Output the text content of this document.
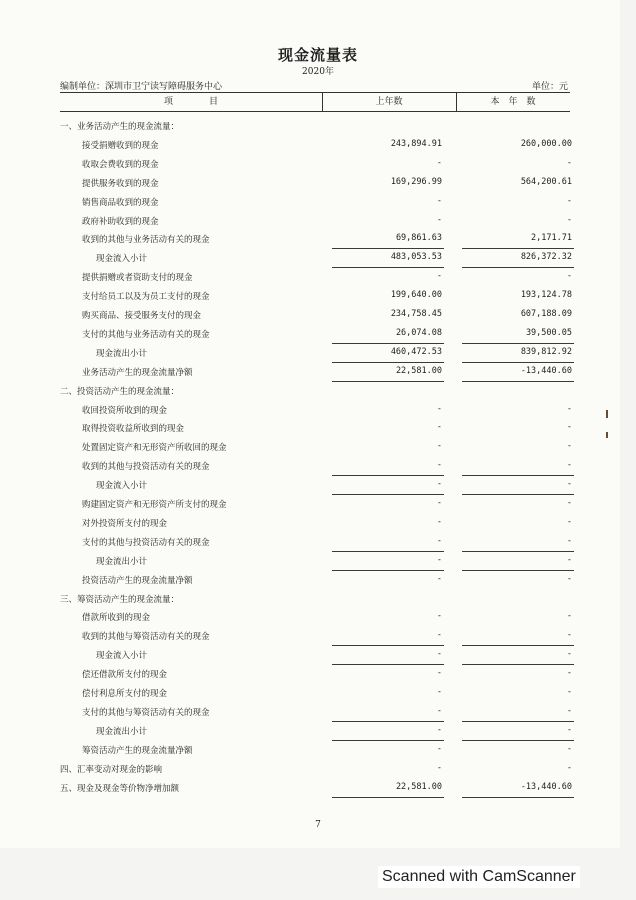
现金流量表
2020年
编制单位：深圳市卫宁读写障碍服务中心	单位：元
项　　　　目	上年数	本　年　数
一、业务活动产生的现金流量：
接受捐赠收到的现金	243,894.91	260,000.00
收取会费收到的现金	-	-
提供服务收到的现金	169,296.99	564,200.61
销售商品收到的现金	-	-
政府补助收到的现金	-	-
收到的其他与业务活动有关的现金	69,861.63	2,171.71
现金流入小计	483,053.53	826,372.32
提供捐赠或者资助支付的现金	-	-
支付给员工以及为员工支付的现金	199,640.00	193,124.78
购买商品、接受服务支付的现金	234,758.45	607,188.09
支付的其他与业务活动有关的现金	26,074.08	39,500.05
现金流出小计	460,472.53	839,812.92
业务活动产生的现金流量净额	22,581.00	-13,440.60
二、投资活动产生的现金流量：
收回投资所收到的现金	-	-
取得投资收益所收到的现金	-	-
处置固定资产和无形资产所收回的现金	-	-
收到的其他与投资活动有关的现金	-	-
现金流入小计	-	-
购建固定资产和无形资产所支付的现金	-	-
对外投资所支付的现金	-	-
支付的其他与投资活动有关的现金	-	-
现金流出小计	-	-
投资活动产生的现金流量净额	-	-
三、筹资活动产生的现金流量：
借款所收到的现金	-	-
收到的其他与筹资活动有关的现金	-	-
现金流入小计	-	-
偿还借款所支付的现金	-	-
偿付利息所支付的现金	-	-
支付的其他与筹资活动有关的现金	-	-
现金流出小计	-	-
筹资活动产生的现金流量净额	-	-
四、汇率变动对现金的影响	-	-
五、现金及现金等价物净增加额	22,581.00	-13,440.60
7
Scanned with CamScanner
